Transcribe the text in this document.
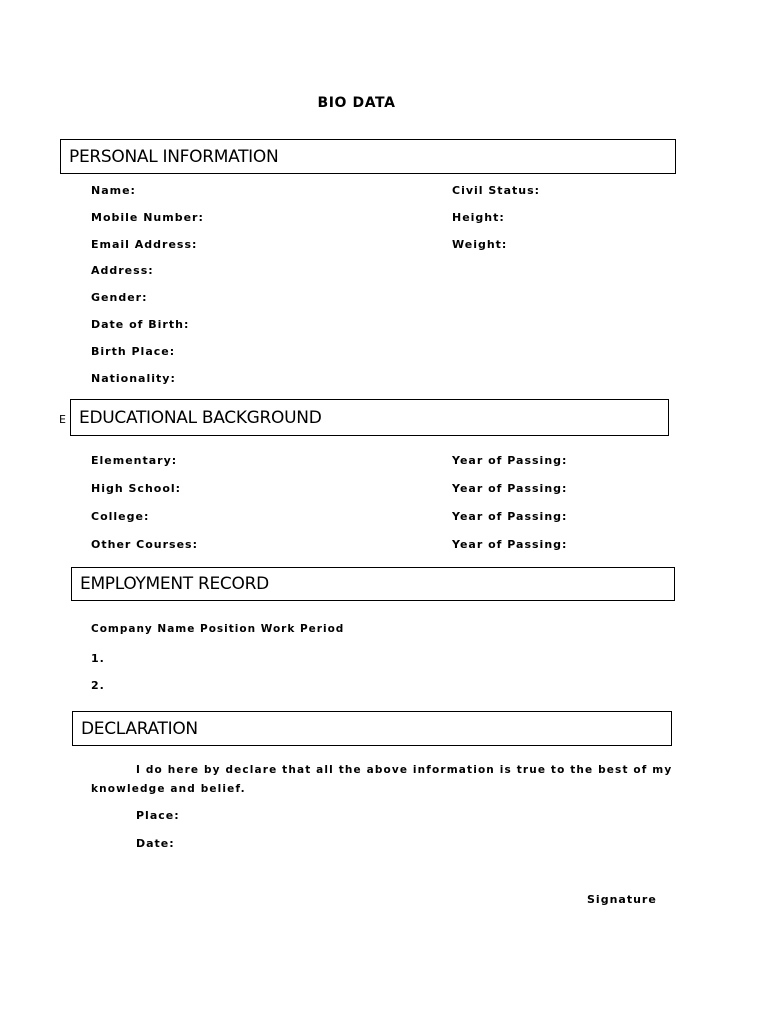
BIO DATA
PERSONAL INFORMATION
Name:
Mobile Number:
Email Address:
Address:
Gender:
Date of Birth:
Birth Place:
Nationality:
Civil Status:
Height:
Weight:
E EDUCATIONAL BACKGROUND
Elementary:
High School:
College:
Other Courses:
Year of Passing:
Year of Passing:
Year of Passing:
Year of Passing:
EMPLOYMENT RECORD
Company Name Position Work Period
1.
2.
DECLARATION
I do here by declare that all the above information is true to the best of my knowledge and belief.
Place:
Date:
Signature
